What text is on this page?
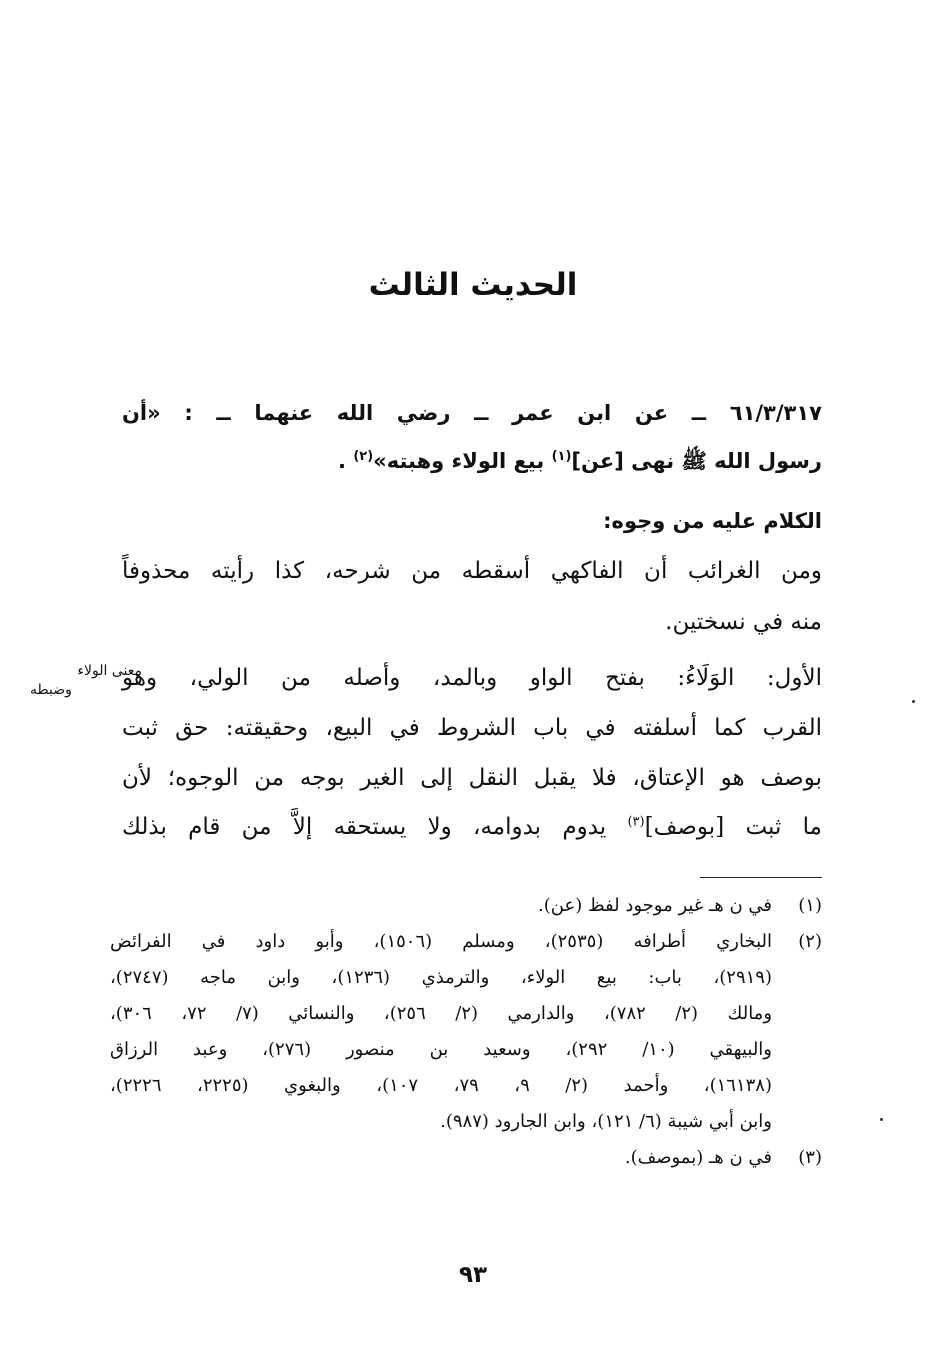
الحديث الثالث

٦١/٣/٣١٧ ــ عن ابن عمر ــ رضي الله عنهما ــ : «أن

رسول الله ﷺ نهى [عن]$^{(١)}$ بيع الولاء وهبته»$^{(٢)}$ .

الكلام عليه من وجوه:

ومن الغرائب أن الفاكهي أسقطه من شرحه، كذا رأيته محذوفاً

منه في نسختين.

معنى الولاء
وضبطه	الأول: الوَلَاءُ: بفتح الواو وبالمد، وأصله من الولي، وهو

القرب كما أسلفته في باب الشروط في البيع، وحقيقته: حق ثبت

بوصف هو الإعتاق، فلا يقبل النقل إلى الغير بوجه من الوجوه؛ لأن

ما ثبت [بوصف]$^{(٣)}$ يدوم بدوامه، ولا يستحقه إلاَّ من قام بذلك

(١)
في ن هـ غير موجود لفظ (عن).
(٢)
البخاري أطرافه (٢٥٣٥)، ومسلم (١٥٠٦)، وأبو داود في الفرائض
(٢٩١٩)، باب: بيع الولاء، والترمذي (١٢٣٦)، وابن ماجه (٢٧٤٧)،
ومالك (٢/ ٧٨٢)، والدارمي (٢/ ٢٥٦)، والنسائي (٧/ ٧٢، ٣٠٦)،
والبيهقي (١٠/ ٢٩٢)، وسعيد بن منصور (٢٧٦)، وعبد الرزاق
(١٦١٣٨)، وأحمد (٢/ ٩، ٧٩، ١٠٧)، والبغوي (٢٢٢٥، ٢٢٢٦)،
وابن أبي شيبة (٦/ ١٢١)، وابن الجارود (٩٨٧).
(٣)
في ن هـ (بموصف).
٩٣
